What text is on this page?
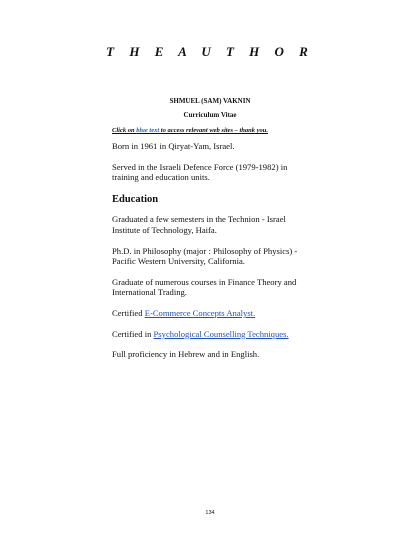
T H E A U T H O R
SHMUEL (SAM) VAKNIN
Curriculum Vitae
Click on blue text to access relevant web sites – thank you.

Born in 1961 in Qiryat-Yam, Israel.

Served in the Israeli Defence Force (1979-1982) in training and education units.

Education

Graduated a few semesters in the Technion - Israel Institute of Technology, Haifa.

Ph.D. in Philosophy (major : Philosophy of Physics) - Pacific Western University, California.

Graduate of numerous courses in Finance Theory and International Trading.

Certified E-Commerce Concepts Analyst.

Certified in Psychological Counselling Techniques.

Full proficiency in Hebrew and in English.

134
